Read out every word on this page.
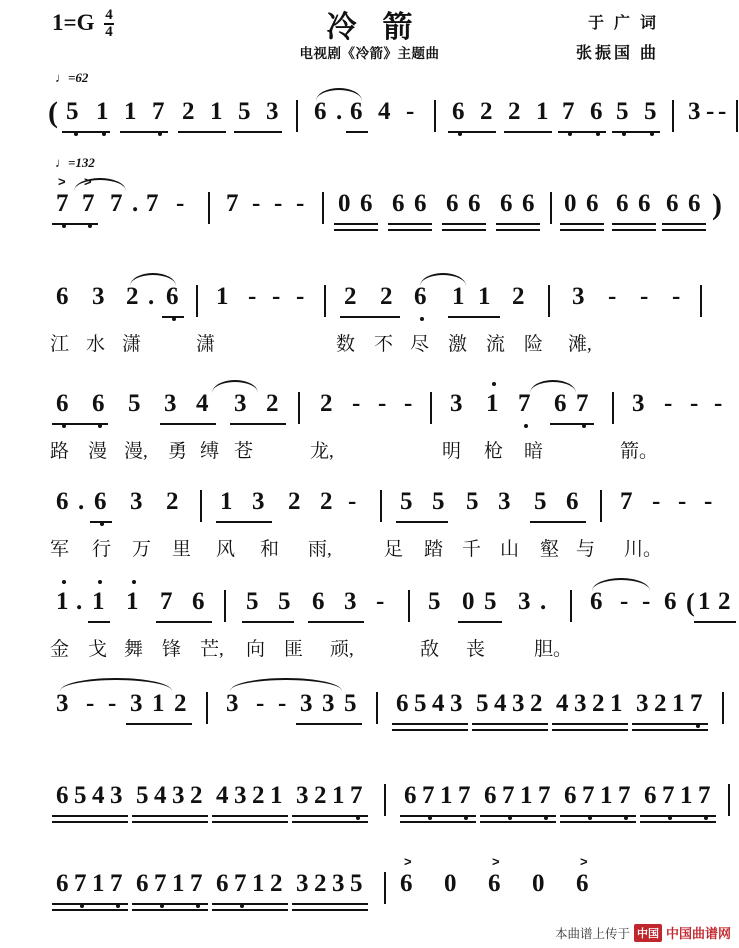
$1=G \frac{4}{4}$	冷箭
电视剧《冷箭》主题曲
于 广 词
张振国 曲
♩=62
( 5 1 1 7 2 1 5 3 6 . 6 4 - 6 2 2 1 7 6 5 5 3 - -
♩=132
> >
7 7 7 . 7 - 7 - - - 0 6 6 6 6 6 6 6 0 6 6 6 6 6 )
6 3 2 . 6 1 - - - 2 2 6 1 1 2 3 - - -
江 水 潇	潇	数 不 尽 激 流 险 滩,
6 6 5 3 4 3 2 2 - - - 3 1 7 6 7 3 - - -
路 漫 漫, 勇 缚 苍	龙,	明 枪 暗	箭。
6 . 6 3 2 1 3 2 2 - 5 5 5 3 5 6 7 - - -
军 行 万 里 风 和 雨,	足 踏 千 山 壑 与 川。
1 . 1 1 7 6 5 5 6 3 - 5 0 5 3 . 6 - - 6 ( 1 2
金 戈 舞 锋 芒, 向 匪 顽,	敌 丧	胆。
3 - - 3 1 2 3 - - 3 3 5 6 5 4 3 5 4 3 2 4 3 2 1 3 2 1 7
6 5 4 3 5 4 3 2 4 3 2 1 3 2 1 7 6 7 1 7 6 7 1 7 6 7 1 7 6 7 1 7
6 7 1 7 6 7 1 7 6 7 1 2 3 2 3 5
>
6 0
>
6 0
>
6
本曲谱上传于 中国 中国曲谱网
